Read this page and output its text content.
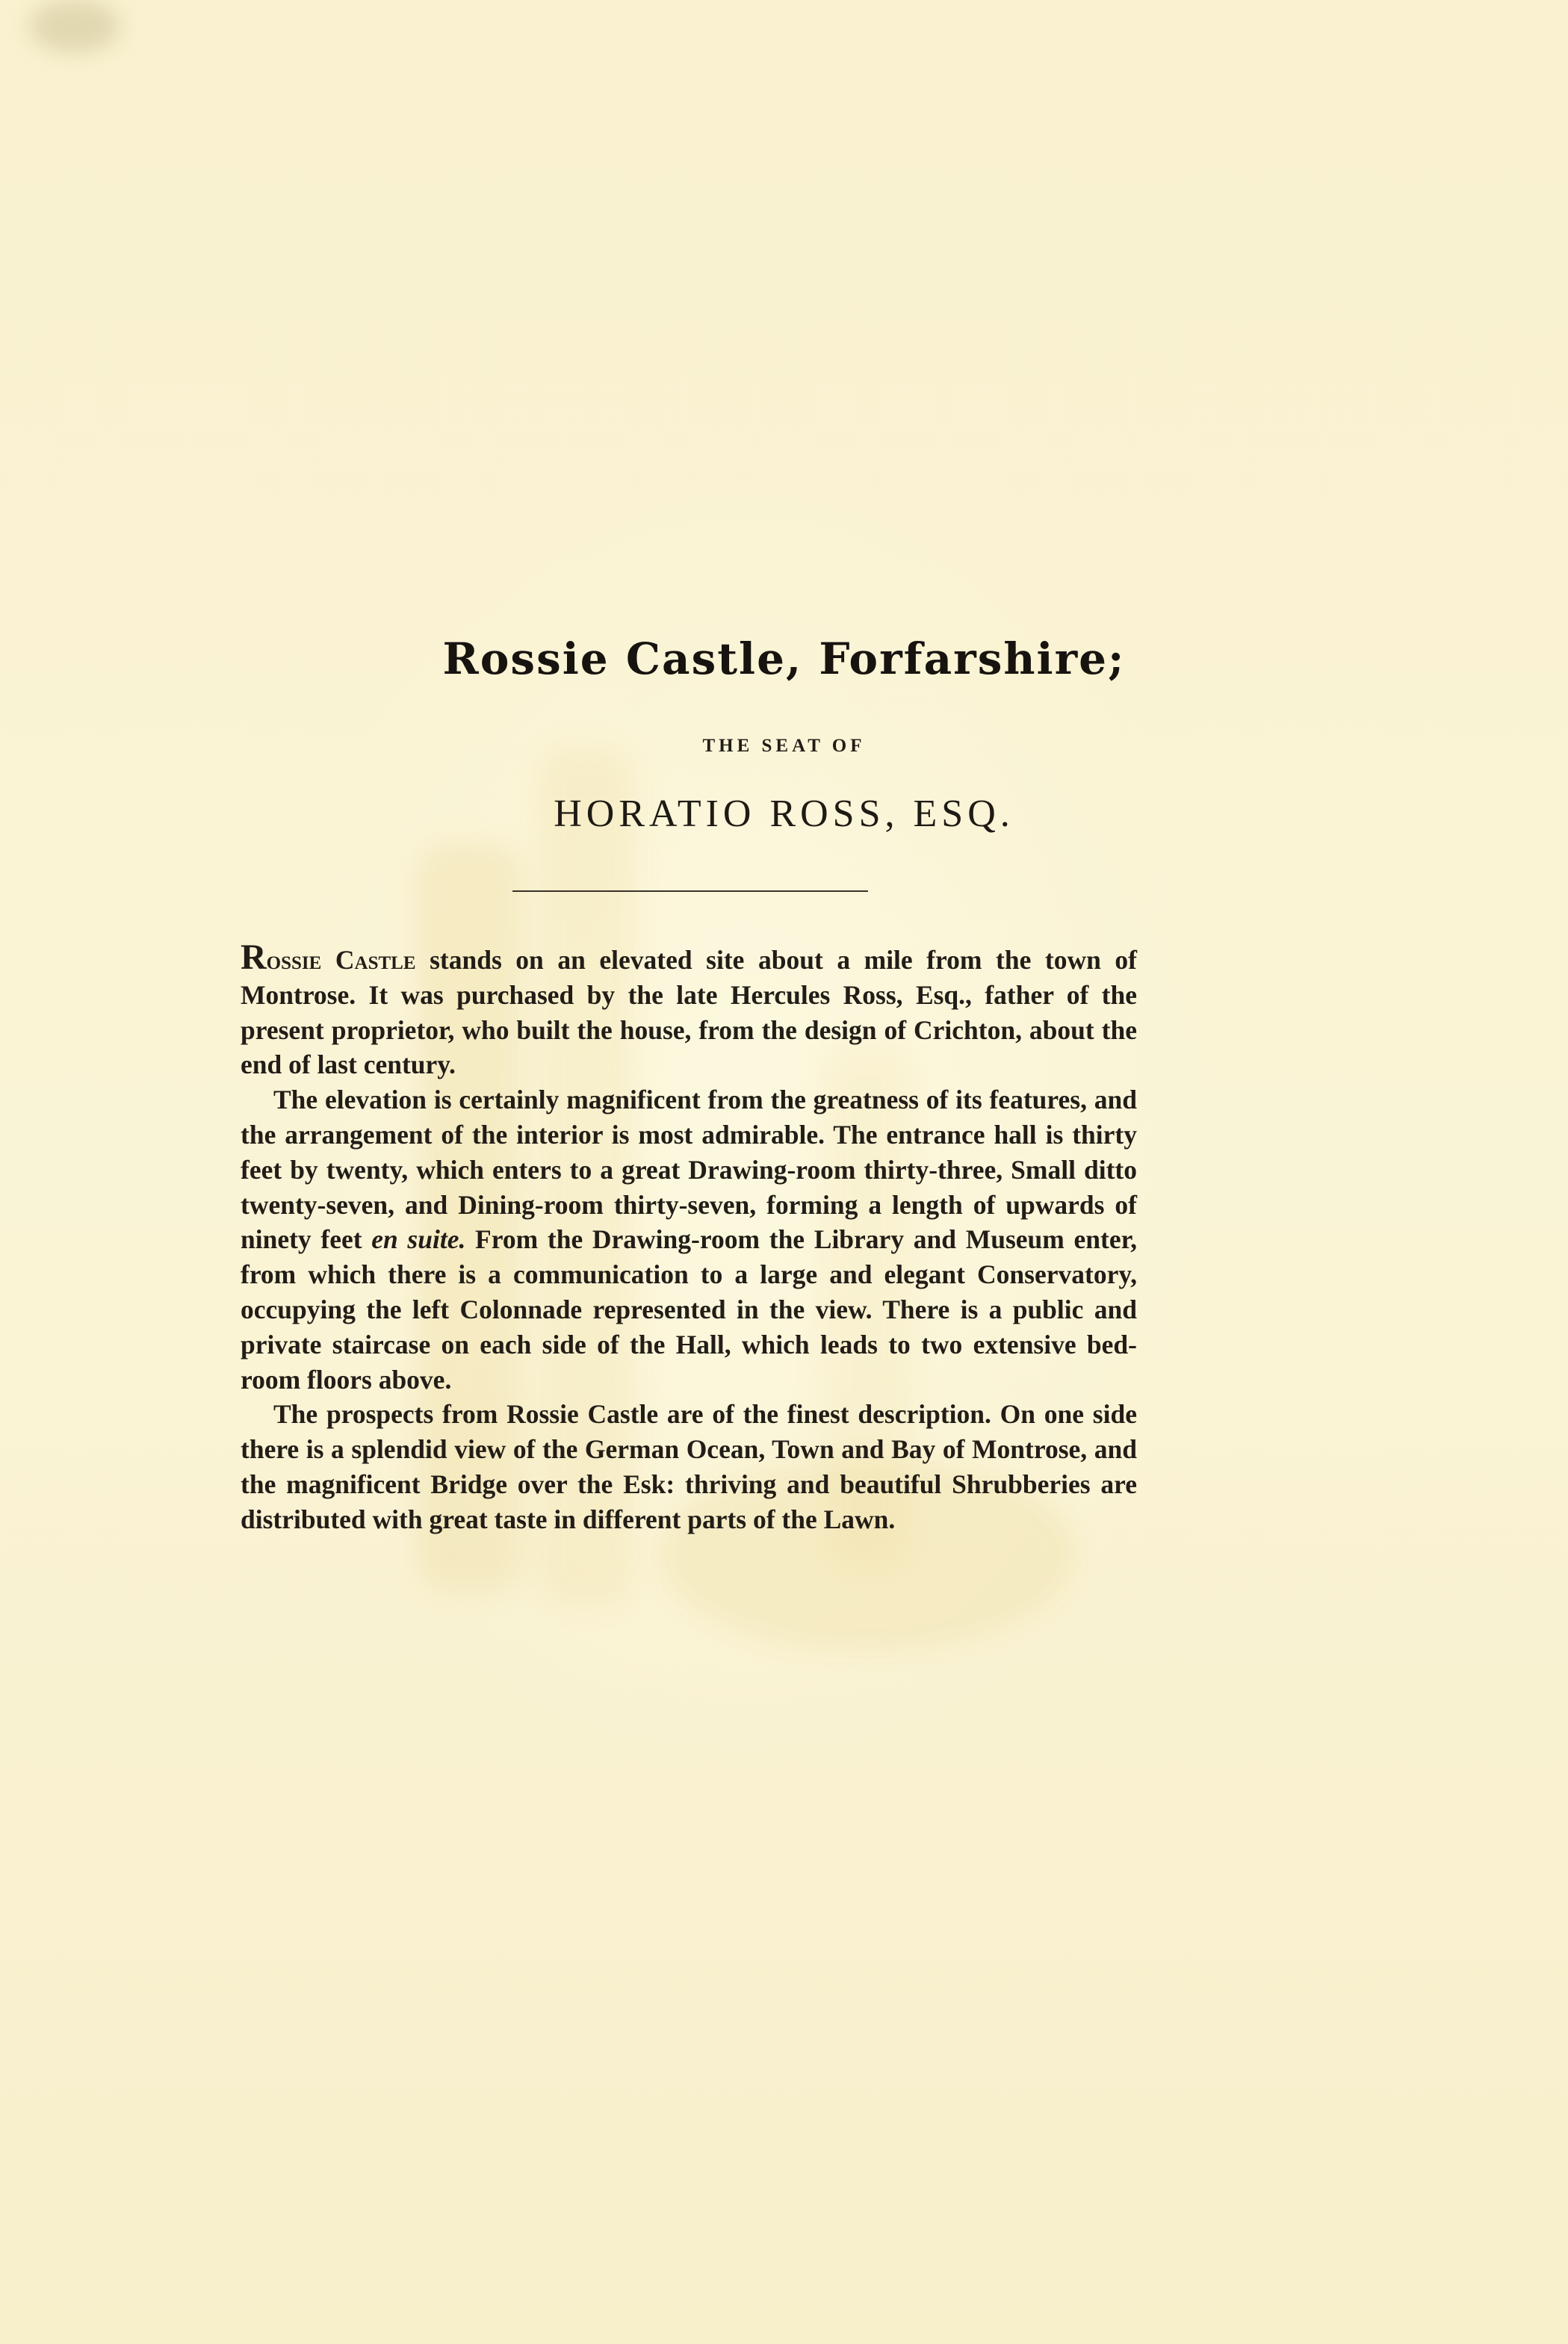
Rossie Castle, Forfarshire;
THE SEAT OF
HORATIO ROSS, ESQ.

Rossie Castle stands on an elevated site about a mile from the town of Montrose. It was purchased by the late Hercules Ross, Esq., father of the present proprietor, who built the house, from the design of Crichton, about the end of last century.

The elevation is certainly magnificent from the greatness of its features, and the arrangement of the interior is most admirable. The entrance hall is thirty feet by twenty, which enters to a great Drawing-room thirty-three, Small ditto twenty-seven, and Dining-room thirty-seven, forming a length of upwards of ninety feet en suite. From the Drawing-room the Library and Museum enter, from which there is a communication to a large and elegant Conservatory, occupying the left Colonnade represented in the view. There is a public and private staircase on each side of the Hall, which leads to two extensive bed-room floors above.

The prospects from Rossie Castle are of the finest description. On one side there is a splendid view of the German Ocean, Town and Bay of Montrose, and the magnificent Bridge over the Esk: thriving and beautiful Shrubberies are distributed with great taste in different parts of the Lawn.
